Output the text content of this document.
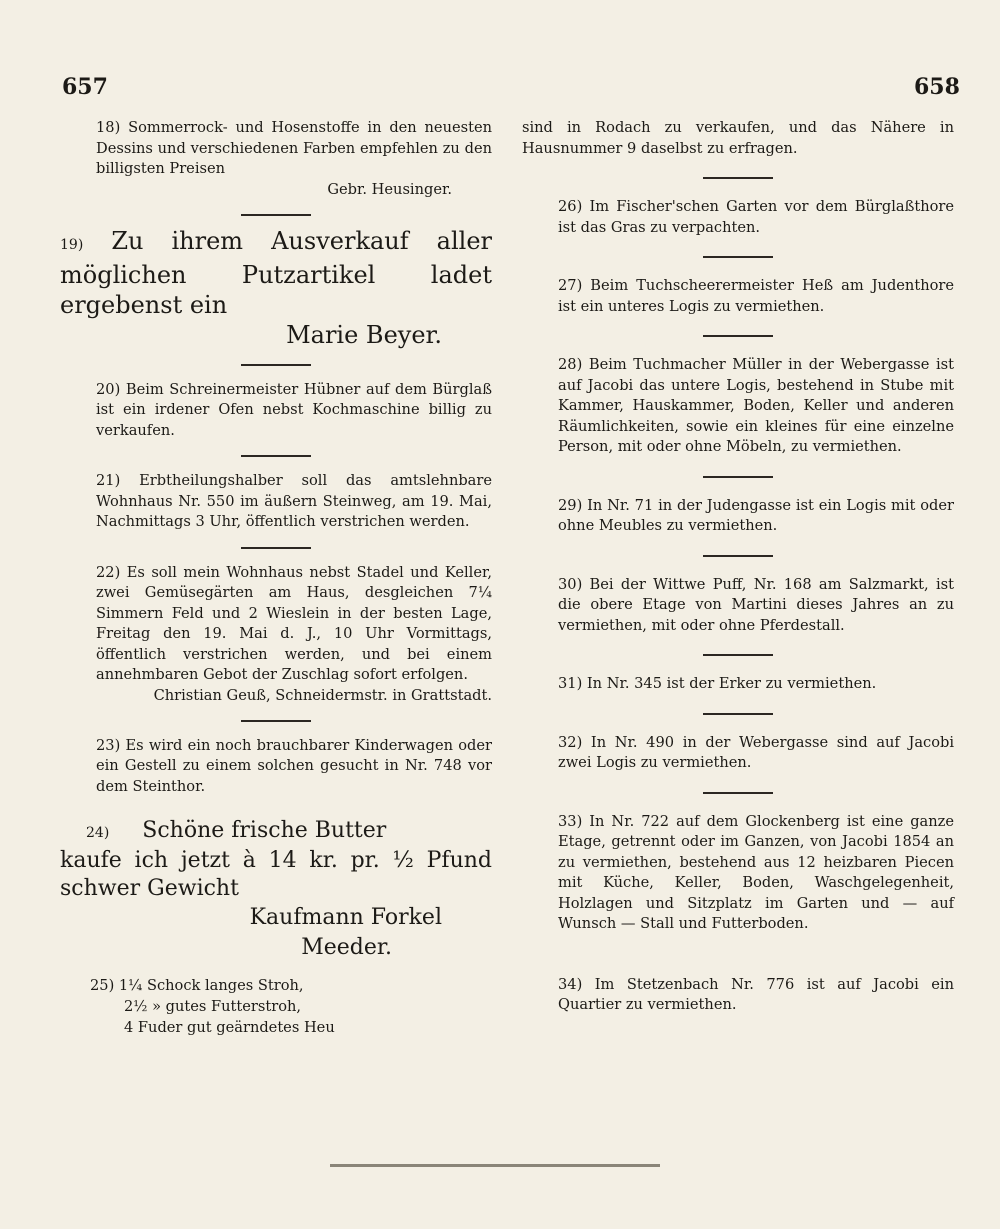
657	658
18) Sommerrock- und Hosenstoffe in den neuesten Dessins und verschiedenen Farben empfehlen zu den billigsten Preisen
Gebr. Heusinger.
19) Zu ihrem Ausverkauf aller möglichen Putzartikel ladet ergebenst ein
Marie Beyer.
20) Beim Schreinermeister Hübner auf dem Bürglaß ist ein irdener Ofen nebst Kochmaschine billig zu verkaufen.
21) Erbtheilungshalber soll das amtslehnbare Wohnhaus Nr. 550 im äußern Steinweg, am 19. Mai, Nachmittags 3 Uhr, öffentlich verstrichen werden.
22) Es soll mein Wohnhaus nebst Stadel und Keller, zwei Gemüsegärten am Haus, desgleichen 7¼ Simmern Feld und 2 Wieslein in der besten Lage, Freitag den 19. Mai d. J., 10 Uhr Vormittags, öffentlich verstrichen werden, und bei einem annehmbaren Gebot der Zuschlag sofort erfolgen.
Christian Geuß, Schneidermstr. in Grattstadt.
23) Es wird ein noch brauchbarer Kinderwagen oder ein Gestell zu einem solchen gesucht in Nr. 748 vor dem Steinthor.
24) Schöne frische Butter
kaufe ich jetzt à 14 kr. pr. ½ Pfund schwer Gewicht
Kaufmann Forkel
Meeder.
25) 1¼ Schock langes Stroh,
2½ » gutes Futterstroh,
4 Fuder gut geärndetes Heu
sind in Rodach zu verkaufen, und das Nähere in Hausnummer 9 daselbst zu erfragen.
26) Im Fischer'schen Garten vor dem Bürglaßthore ist das Gras zu verpachten.
27) Beim Tuchscheerermeister Heß am Judenthore ist ein unteres Logis zu vermiethen.
28) Beim Tuchmacher Müller in der Webergasse ist auf Jacobi das untere Logis, bestehend in Stube mit Kammer, Hauskammer, Boden, Keller und anderen Räumlichkeiten, sowie ein kleines für eine einzelne Person, mit oder ohne Möbeln, zu vermiethen.
29) In Nr. 71 in der Judengasse ist ein Logis mit oder ohne Meubles zu vermiethen.
30) Bei der Wittwe Puff, Nr. 168 am Salzmarkt, ist die obere Etage von Martini dieses Jahres an zu vermiethen, mit oder ohne Pferdestall.
31) In Nr. 345 ist der Erker zu vermiethen.
32) In Nr. 490 in der Webergasse sind auf Jacobi zwei Logis zu vermiethen.
33) In Nr. 722 auf dem Glockenberg ist eine ganze Etage, getrennt oder im Ganzen, von Jacobi 1854 an zu vermiethen, bestehend aus 12 heizbaren Piecen mit Küche, Keller, Boden, Waschgelegenheit, Holzlagen und Sitzplatz im Garten und — auf Wunsch — Stall und Futterboden.
34) Im Stetzenbach Nr. 776 ist auf Jacobi ein Quartier zu vermiethen.
